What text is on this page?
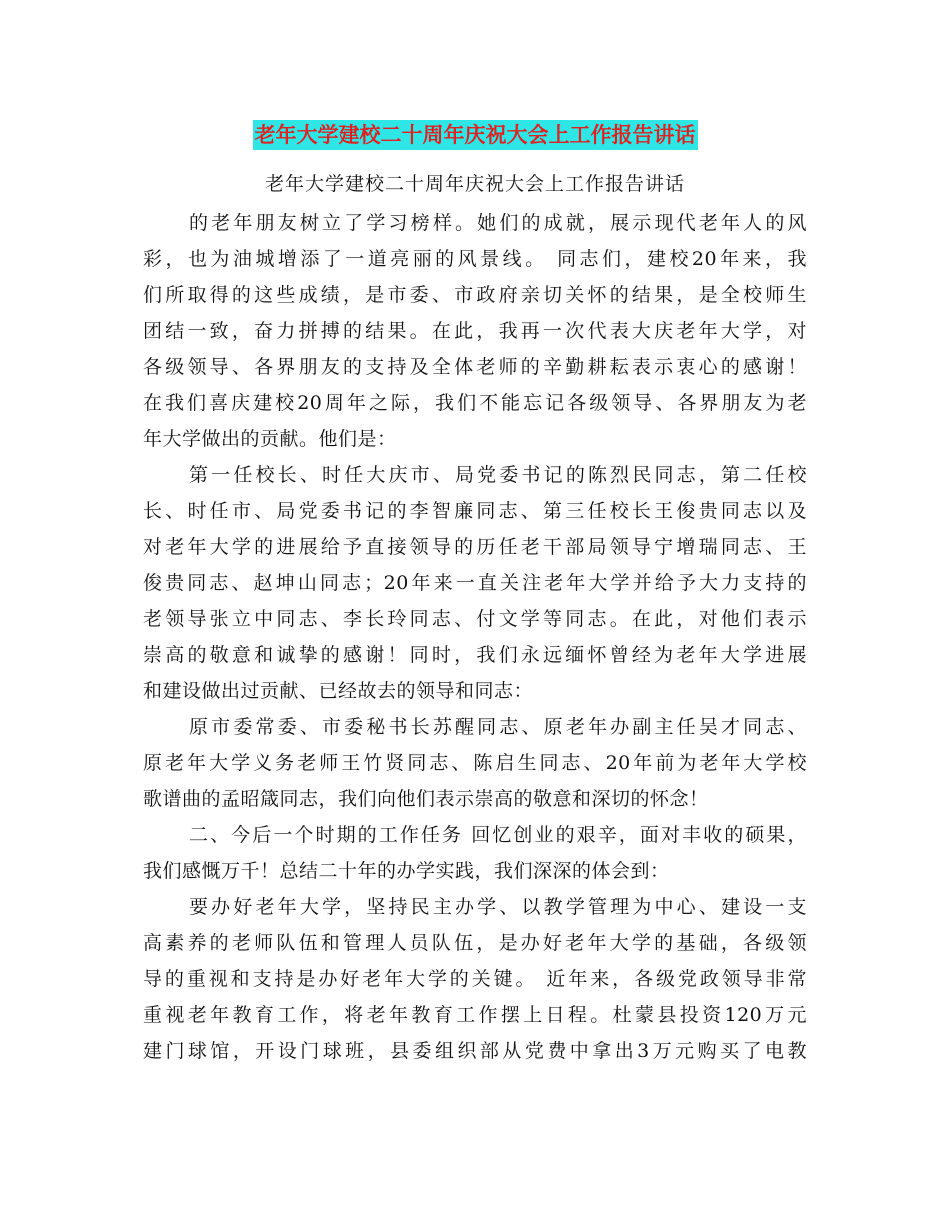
老年大学建校二十周年庆祝大会上工作报告讲话

老年大学建校二十周年庆祝大会上工作报告讲话

的老年朋友树立了学习榜样。她们的成就，展示现代老年人的风
彩，也为油城增添了一道亮丽的风景线。 同志们，建校20年来，我
们所取得的这些成绩，是市委、市政府亲切关怀的结果，是全校师生
团结一致，奋力拼搏的结果。在此，我再一次代表大庆老年大学，对
各级领导、各界朋友的支持及全体老师的辛勤耕耘表示衷心的感谢！
在我们喜庆建校20周年之际，我们不能忘记各级领导、各界朋友为老
年大学做出的贡献。他们是：
第一任校长、时任大庆市、局党委书记的陈烈民同志，第二任校
长、时任市、局党委书记的李智廉同志、第三任校长王俊贵同志以及
对老年大学的进展给予直接领导的历任老干部局领导宁增瑞同志、王
俊贵同志、赵坤山同志；20年来一直关注老年大学并给予大力支持的
老领导张立中同志、李长玲同志、付文学等同志。在此，对他们表示
崇高的敬意和诚挚的感谢！同时，我们永远缅怀曾经为老年大学进展
和建设做出过贡献、已经故去的领导和同志：
原市委常委、市委秘书长苏醒同志、原老年办副主任吴才同志、
原老年大学义务老师王竹贤同志、陈启生同志、20年前为老年大学校
歌谱曲的孟昭箴同志，我们向他们表示崇高的敬意和深切的怀念！
二、今后一个时期的工作任务 回忆创业的艰辛，面对丰收的硕果，
我们感慨万千！总结二十年的办学实践，我们深深的体会到：
要办好老年大学，坚持民主办学、以教学管理为中心、建设一支
高素养的老师队伍和管理人员队伍，是办好老年大学的基础，各级领
导的重视和支持是办好老年大学的关键。 近年来，各级党政领导非常
重视老年教育工作，将老年教育工作摆上日程。杜蒙县投资120万元
建门球馆，开设门球班，县委组织部从党费中拿出3万元购买了电教
